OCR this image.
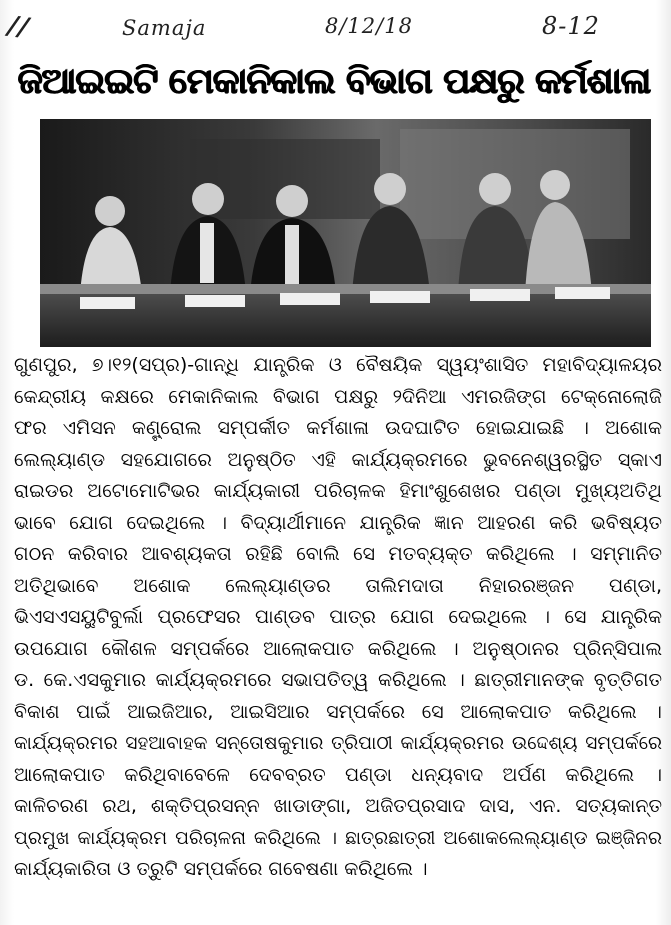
//	Samaja	8/12/18	8-12
ଜିଆଇଇଟି ମେକାନିକାଲ ବିଭାଗ ପକ୍ଷରୁ କର୍ମଶାଳା
ଗୁଣପୁର, ୭।୧୨(ସପ୍ର)-ଗାନ୍ଧି ଯାନ୍ତ୍ରିକ ଓ ବୈଷୟିକ ସ୍ୱୟଂଶାସିତ ମହାବିଦ୍ୟାଳୟର
କେନ୍ଦ୍ରୀୟ କକ୍ଷରେ ମେକାନିକାଲ ବିଭାଗ ପକ୍ଷରୁ ୨ଦିନିଆ ଏମରଜିଙ୍ଗ ଟେକ୍ନୋଲୋଜି
ଫର ଏମିସନ କଣ୍ଟ୍ରୋଲ ସମ୍ପର୍କୀତ କର୍ମଶାଳା ଉଦଘାଟିତ ହୋଇଯାଇଛି । ଅଶୋକ
ଲେଲ୍ୟାଣ୍ଡ ସହଯୋଗରେ ଅନୁଷ୍ଠିତ ଏହି କାର୍ଯ୍ୟକ୍ରମରେ ଭୁବନେଶ୍ୱରସ୍ଥିତ ସ୍କାଏ
ରାଇଡର ଅଟୋମୋଟିଭର କାର୍ଯ୍ୟକାରୀ ପରିଚାଳକ ହିମାଂଶୁଶେଖର ପଣ୍ଡା ମୁଖ୍ୟଅତିଥି
ଭାବେ ଯୋଗ ଦେଇଥିଲେ । ବିଦ୍ୟାର୍ଥୀମାନେ ଯାନ୍ତ୍ରିକ ଜ୍ଞାନ ଆହରଣ କରି ଭବିଷ୍ୟତ
ଗଠନ କରିବାର ଆବଶ୍ୟକତା ରହିଛି ବୋଲି ସେ ମତବ୍ୟକ୍ତ କରିଥିଲେ । ସମ୍ମାନିତ
ଅତିଥିଭାବେ ଅଶୋକ ଲେଲ୍ୟାଣ୍ଡର ତାଲିମଦାତା ନିହାରରଞ୍ଜନ ପଣ୍ଡା,
ଭିଏସଏସୟୁଟିବୁର୍ଲା ପ୍ରଫେସର ପାଣ୍ଡବ ପାତ୍ର ଯୋଗ ଦେଇଥିଲେ । ସେ ଯାନ୍ତ୍ରିକ
ଉପଯୋଗ କୌଶଳ ସମ୍ପର୍କରେ ଆଲୋକପାତ କରିଥିଲେ । ଅନୁଷ୍ଠାନର ପ୍ରିନ୍ସିପାଲ
ଡ. କେ.ଏସକୁମାର କାର୍ଯ୍ୟକ୍ରମରେ ସଭାପତିତ୍ୱ କରିଥିଲେ । ଛାତ୍ରୀମାନଙ୍କ ବୃତ୍ତିଗତ
ବିକାଶ ପାଇଁ ଆଇଜିଆର, ଆଇସିଆର ସମ୍ପର୍କରେ ସେ ଆଲୋକପାତ କରିଥିଲେ ।
କାର୍ଯ୍ୟକ୍ରମର ସହଆବାହକ ସନ୍ତୋଷକୁମାର ତ୍ରିପାଠୀ କାର୍ଯ୍ୟକ୍ରମର ଉଦ୍ଦେଶ୍ୟ ସମ୍ପର୍କରେ
ଆଲୋକପାତ କରିଥିବାବେଳେ ଦେବବ୍ରତ ପଣ୍ଡା ଧନ୍ୟବାଦ ଅର୍ପଣ କରିଥିଲେ ।
କାଳିଚରଣ ରଥ, ଶକ୍ତିପ୍ରସନ୍ନ ଖାଡାଙ୍ଗା, ଅଜିତପ୍ରସାଦ ଦାସ, ଏନ. ସତ୍ୟକାନ୍ତ
ପ୍ରମୁଖ କାର୍ଯ୍ୟକ୍ରମ ପରିଚାଳନା କରିଥିଲେ । ଛାତ୍ରଛାତ୍ରୀ ଅଶୋକଲେଲ୍ୟାଣ୍ଡ ଇଞ୍ଜିନର
କାର୍ଯ୍ୟକାରିତା ଓ ତ୍ରୁଟି ସମ୍ପର୍କରେ ଗବେଷଣା କରିଥିଲେ ।
